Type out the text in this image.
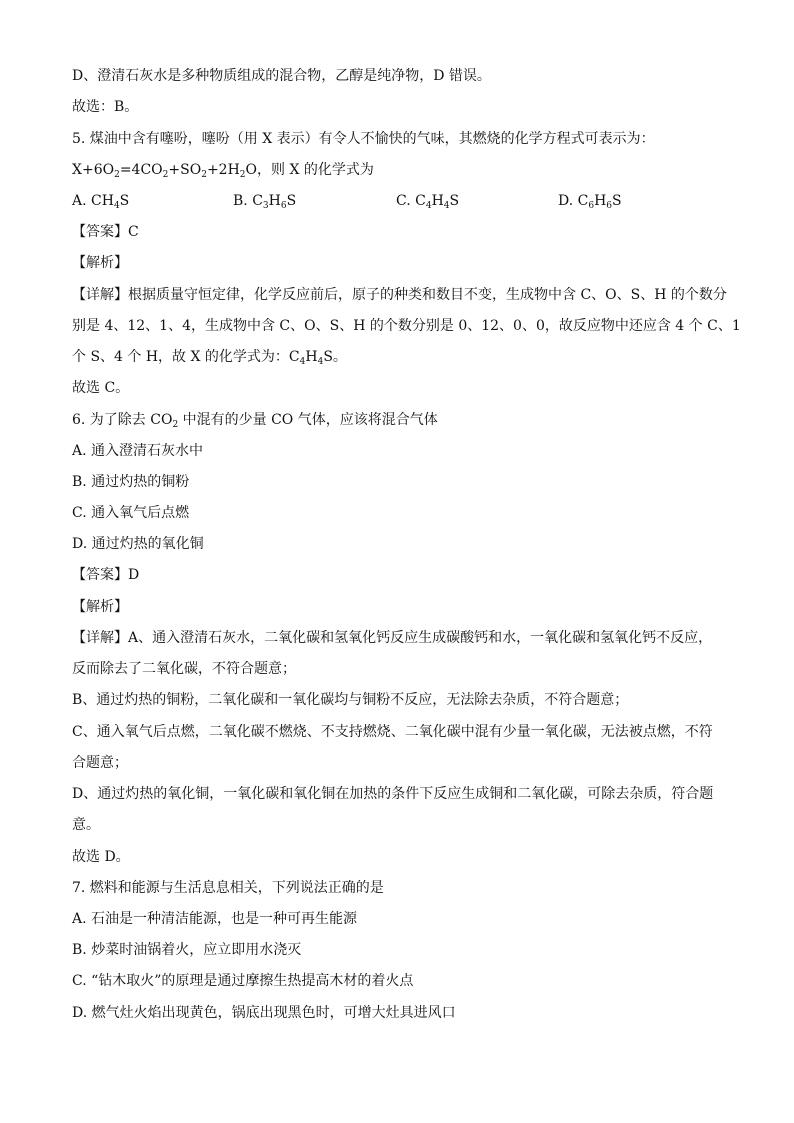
D、澄清石灰水是多种物质组成的混合物，乙醇是纯净物，D 错误。
故选：B。
5. 煤油中含有噻吩，噻吩（用 X 表示）有令人不愉快的气味，其燃烧的化学方程式可表示为：
$X+6O_2=4CO_2+SO_2+2H_2O$，则 X 的化学式为
A. $CH_4S$	B. $C_3H_6S$	C. $C_4H_4S$	D. $C_6H_6S$
【答案】C
【解析】
【详解】根据质量守恒定律，化学反应前后，原子的种类和数目不变，生成物中含 C、O、S、H 的个数分
别是 4、12、1、4，生成物中含 C、O、S、H 的个数分别是 0、12、0、0，故反应物中还应含 4 个 C、1
个 S、4 个 H，故 X 的化学式为：$C_4H_4S$。
故选 C。
6. 为了除去 $CO_2$ 中混有的少量 CO 气体，应该将混合气体
A. 通入澄清石灰水中
B. 通过灼热的铜粉
C. 通入氧气后点燃
D. 通过灼热的氧化铜
【答案】D
【解析】
【详解】A、通入澄清石灰水，二氧化碳和氢氧化钙反应生成碳酸钙和水，一氧化碳和氢氧化钙不反应，
反而除去了二氧化碳，不符合题意；
B、通过灼热的铜粉，二氧化碳和一氧化碳均与铜粉不反应，无法除去杂质，不符合题意；
C、通入氧气后点燃，二氧化碳不燃烧、不支持燃烧、二氧化碳中混有少量一氧化碳，无法被点燃，不符
合题意；
D、通过灼热的氧化铜，一氧化碳和氧化铜在加热的条件下反应生成铜和二氧化碳，可除去杂质，符合题
意。
故选 D。
7. 燃料和能源与生活息息相关，下列说法正确的是
A. 石油是一种清洁能源，也是一种可再生能源
B. 炒菜时油锅着火，应立即用水浇灭
C. “钻木取火”的原理是通过摩擦生热提高木材的着火点
D. 燃气灶火焰出现黄色，锅底出现黑色时，可增大灶具进风口
